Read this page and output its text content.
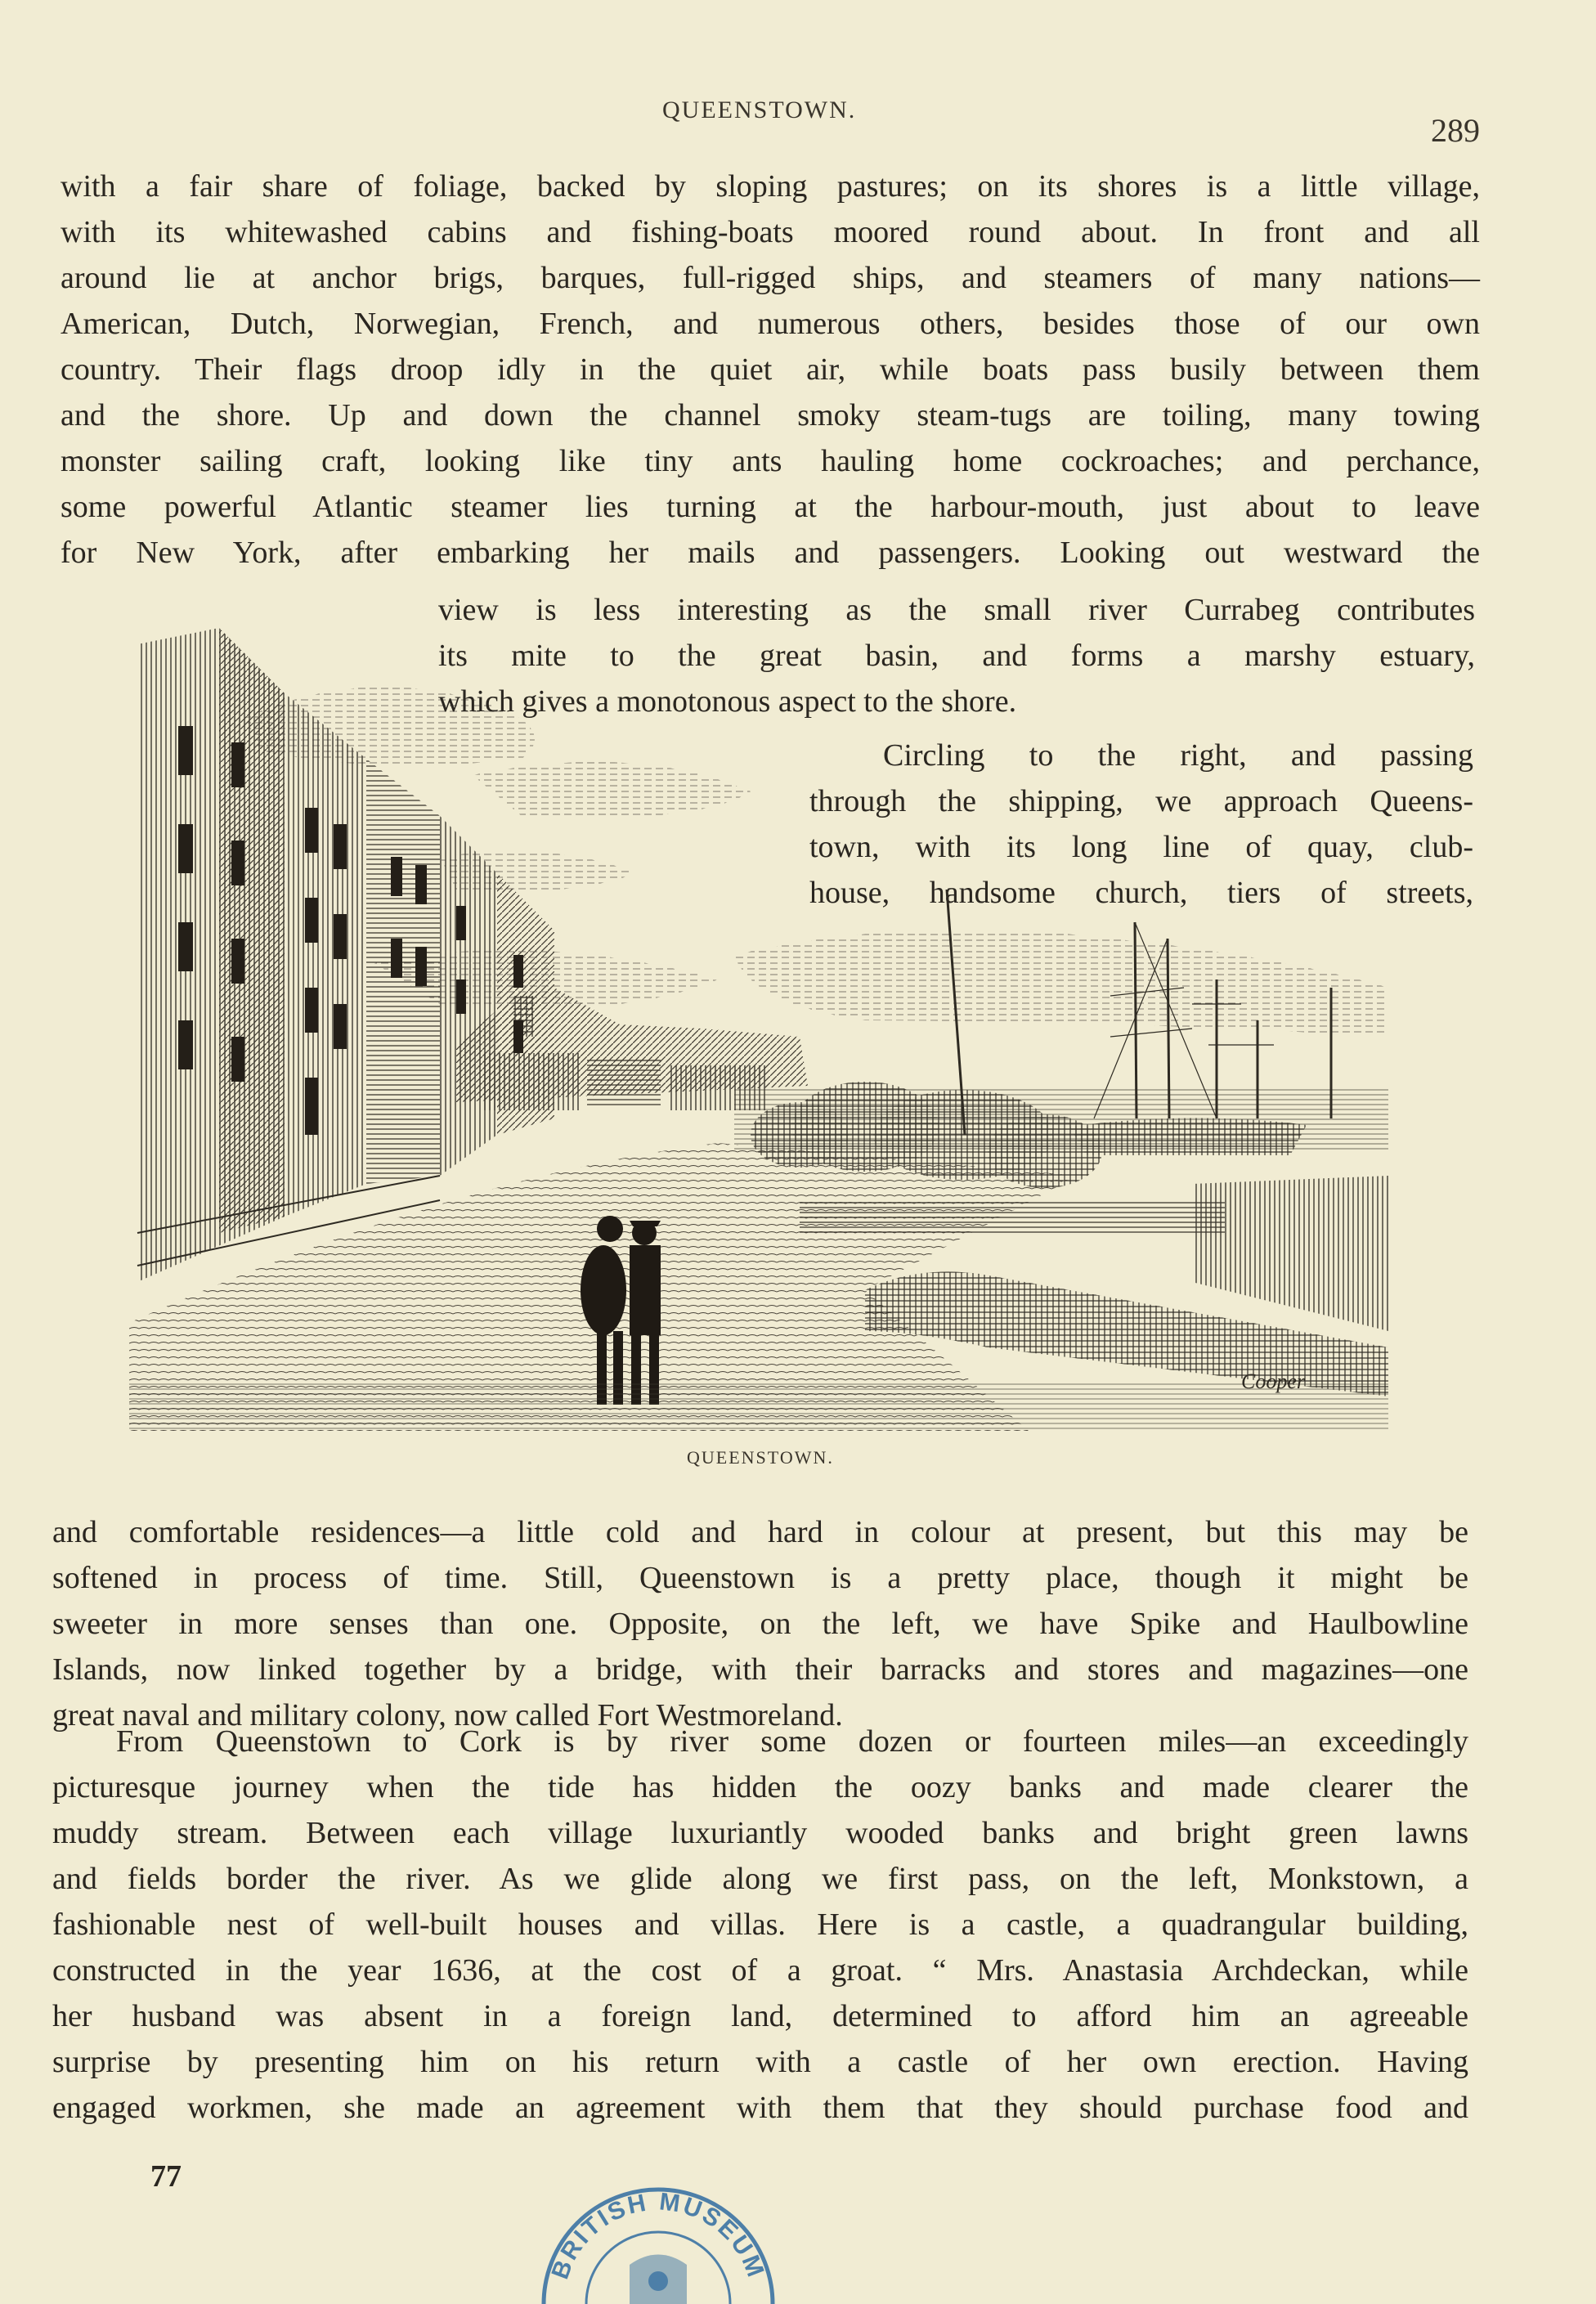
QUEENSTOWN.
289
with a fair share of foliage, backed by sloping pastures; on its shores is a little village,
with its whitewashed cabins and fishing-boats moored round about. In front and all
around lie at anchor brigs, barques, full-rigged ships, and steamers of many nations—
American, Dutch, Norwegian, French, and numerous others, besides those of our own
country. Their flags droop idly in the quiet air, while boats pass busily between them
and the shore. Up and down the channel smoky steam-tugs are toiling, many towing
monster sailing craft, looking like tiny ants hauling home cockroaches; and perchance,
some powerful Atlantic steamer lies turning at the harbour-mouth, just about to leave
for New York, after embarking her mails and passengers. Looking out westward the
Cooper
view is less interesting as the small river Currabeg contributes
its mite to the great basin, and forms a marshy estuary,
which gives a monotonous aspect to the shore.
Circling to the right, and passing
through the shipping, we approach Queens-
town, with its long line of quay, club-
house, handsome church, tiers of streets,
QUEENSTOWN.
and comfortable residences—a little cold and hard in colour at present, but this may be
softened in process of time. Still, Queenstown is a pretty place, though it might be
sweeter in more senses than one. Opposite, on the left, we have Spike and Haulbowline
Islands, now linked together by a bridge, with their barracks and stores and magazines—one
great naval and military colony, now called Fort Westmoreland.
From Queenstown to Cork is by river some dozen or fourteen miles—an exceedingly
picturesque journey when the tide has hidden the oozy banks and made clearer the
muddy stream. Between each village luxuriantly wooded banks and bright green lawns
and fields border the river. As we glide along we first pass, on the left, Monkstown, a
fashionable nest of well-built houses and villas. Here is a castle, a quadrangular building,
constructed in the year 1636, at the cost of a groat. “ Mrs. Anastasia Archdeckan, while
her husband was absent in a foreign land, determined to afford him an agreeable
surprise by presenting him on his return with a castle of her own erection. Having
engaged workmen, she made an agreement with them that they should purchase food and
77
BRITISH MUSEUM
